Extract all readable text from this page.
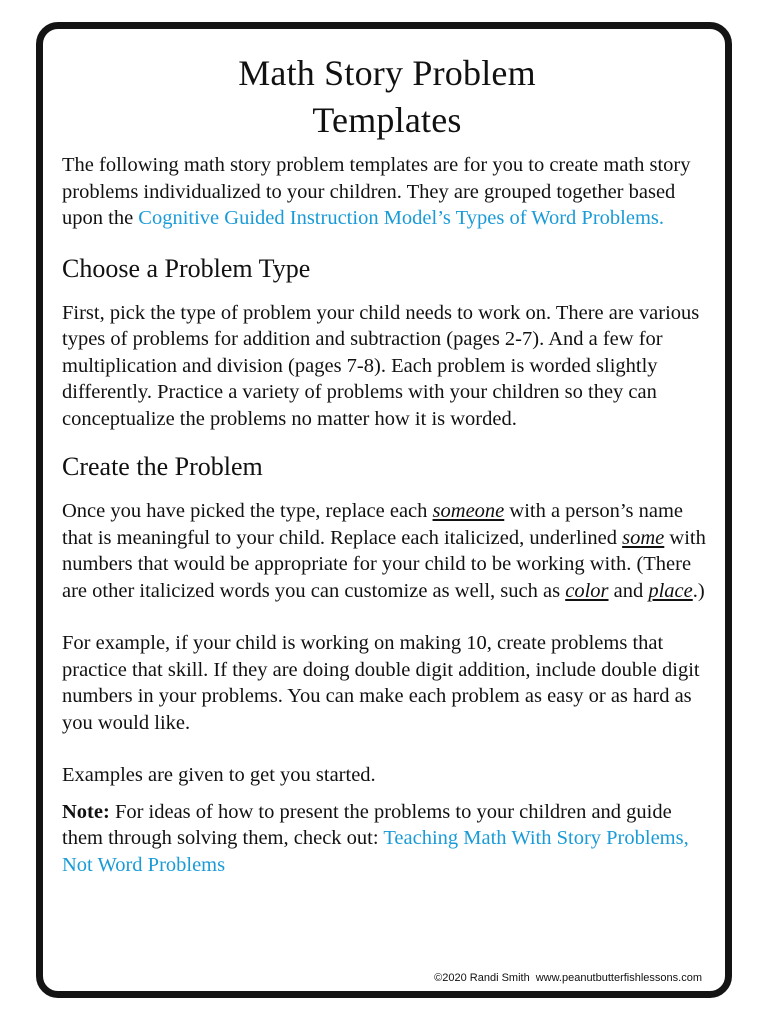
Math Story Problem
Templates

The following math story problem templates are for you to create math story problems individualized to your children. They are grouped together based upon the Cognitive Guided Instruction Model’s Types of Word Problems.

Choose a Problem Type

First, pick the type of problem your child needs to work on. There are various types of problems for addition and subtraction (pages 2-7). And a few for multiplication and division (pages 7-8). Each problem is worded slightly differently. Practice a variety of problems with your children so they can conceptualize the problems no matter how it is worded.

Create the Problem

Once you have picked the type, replace each someone with a person’s name that is meaningful to your child. Replace each italicized, underlined some with numbers that would be appropriate for your child to be working with. (There are other italicized words you can customize as well, such as color and place.)

For example, if your child is working on making 10, create problems that practice that skill. If they are doing double digit addition, include double digit numbers in your problems. You can make each problem as easy or as hard as you would like.

Examples are given to get you started.

Note: For ideas of how to present the problems to your children and guide them through solving them, check out: Teaching Math With Story Problems, Not Word Problems

©2020 Randi Smith www.peanutbutterfishlessons.com
